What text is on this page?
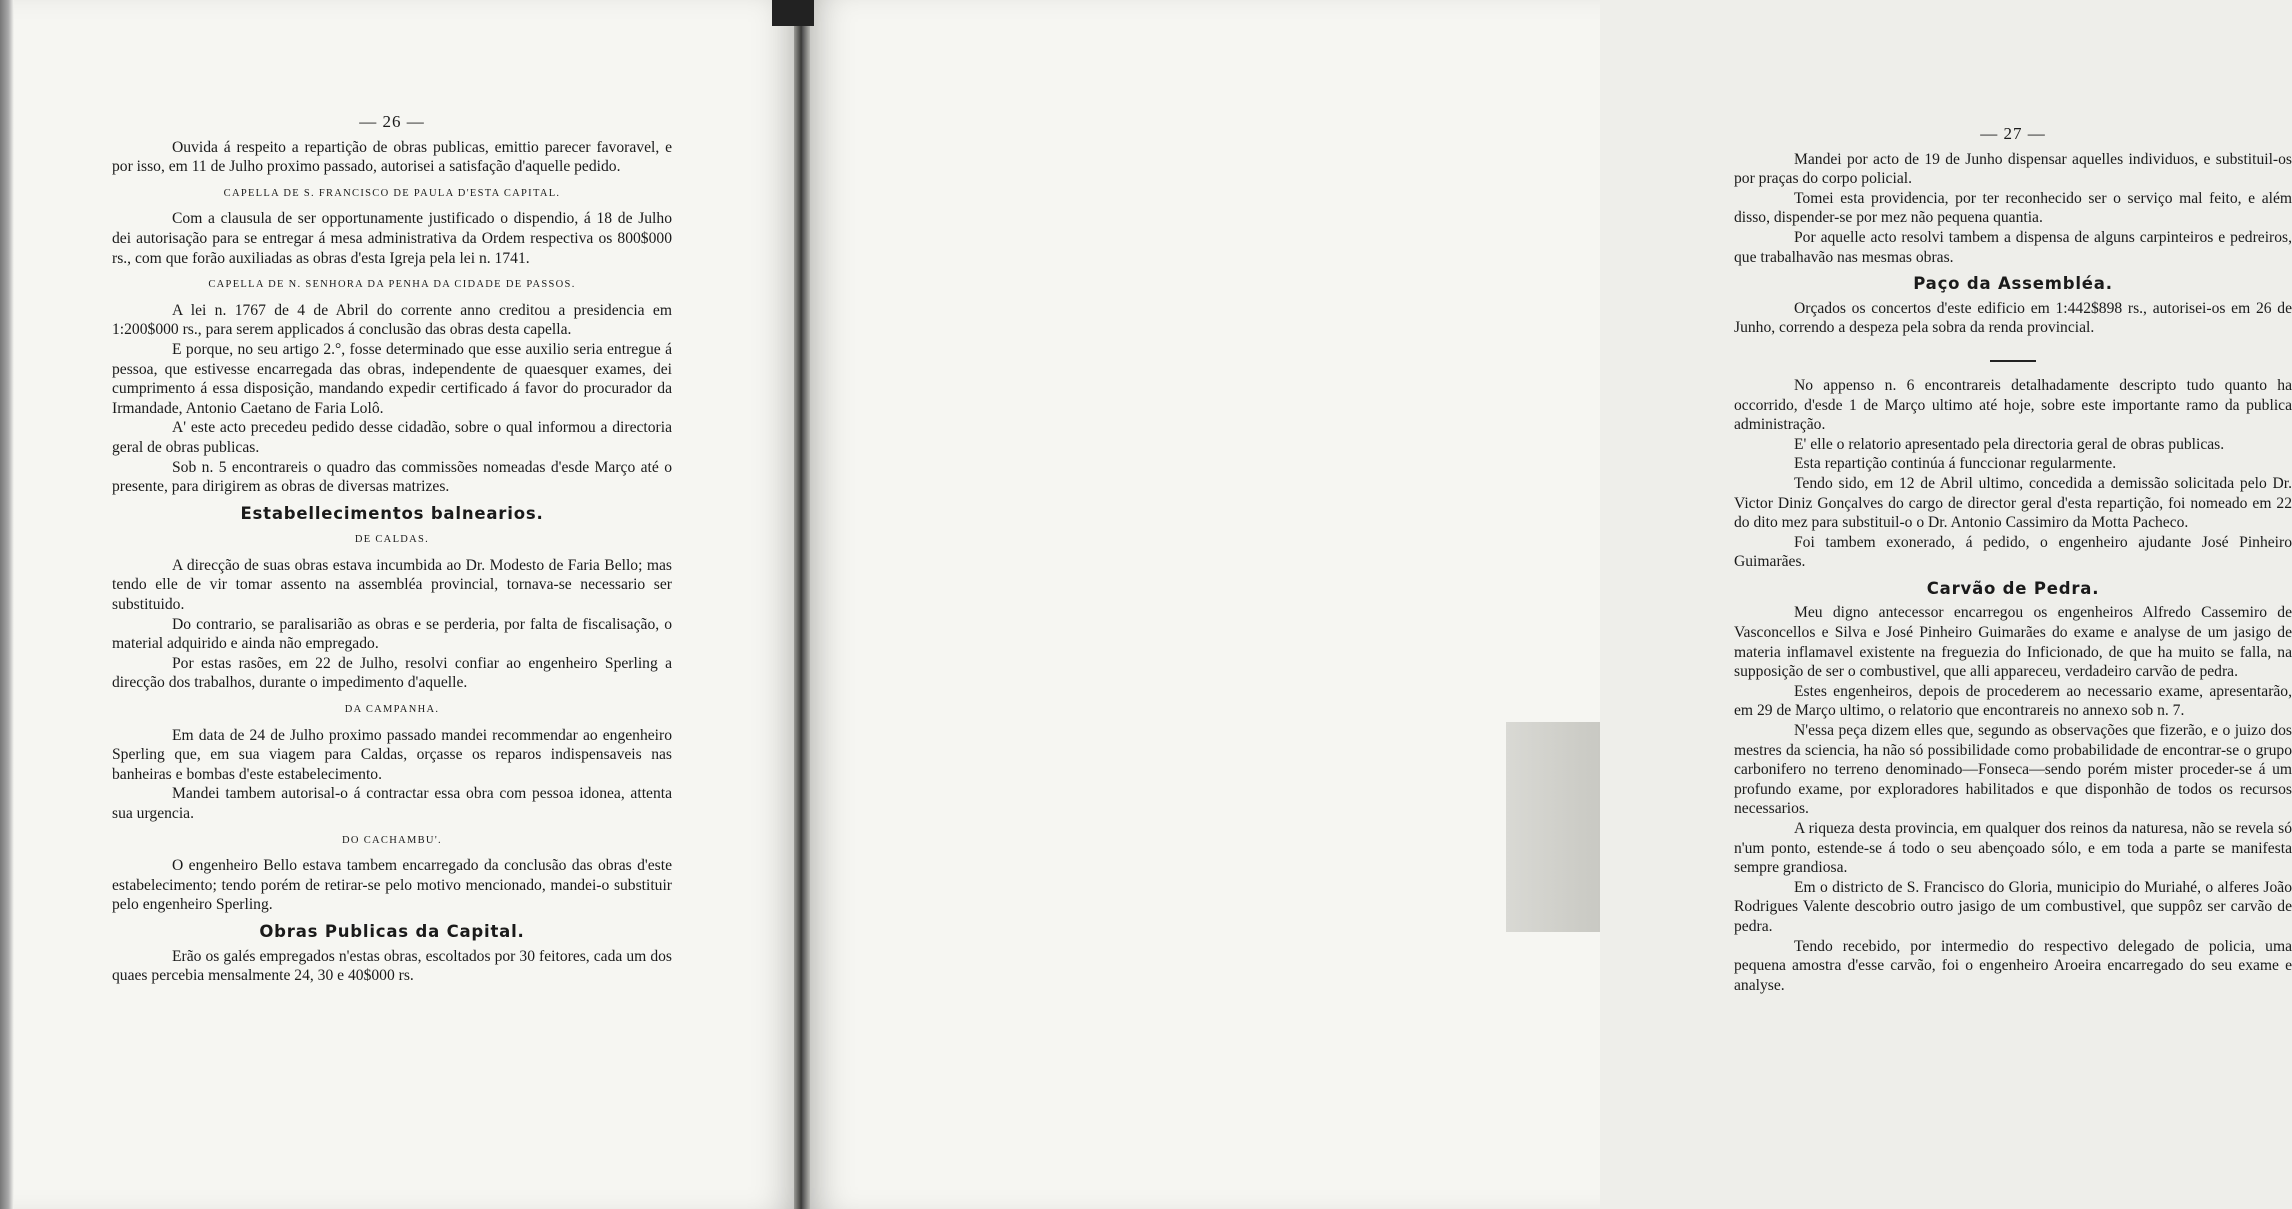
— 26 —

Ouvida á respeito a repartição de obras publicas, emittio parecer favoravel, e por isso, em 11 de Julho proximo passado, autorisei a satisfação d'aquelle pedido.

CAPELLA DE S. FRANCISCO DE PAULA D'ESTA CAPITAL.

Com a clausula de ser opportunamente justificado o dispendio, á 18 de Julho dei autorisação para se entregar á mesa administrativa da Ordem respectiva os 800$000 rs., com que forão auxiliadas as obras d'esta Igreja pela lei n. 1741.

CAPELLA DE N. SENHORA DA PENHA DA CIDADE DE PASSOS.

A lei n. 1767 de 4 de Abril do corrente anno creditou a presidencia em 1:200$000 rs., para serem applicados á conclusão das obras desta capella.

E porque, no seu artigo 2.°, fosse determinado que esse auxilio seria entregue á pessoa, que estivesse encarregada das obras, independente de quaesquer exames, dei cumprimento á essa disposição, mandando expedir certificado á favor do procurador da Irmandade, Antonio Caetano de Faria Lolô.

A' este acto precedeu pedido desse cidadão, sobre o qual informou a directoria geral de obras publicas.

Sob n. 5 encontrareis o quadro das commissões nomeadas d'esde Março até o presente, para dirigirem as obras de diversas matrizes.

Estabellecimentos balnearios.
DE CALDAS.

A direcção de suas obras estava incumbida ao Dr. Modesto de Faria Bello; mas tendo elle de vir tomar assento na assembléa provincial, tornava-se necessario ser substituido.

Do contrario, se paralisarião as obras e se perderia, por falta de fiscalisação, o material adquirido e ainda não empregado.

Por estas rasões, em 22 de Julho, resolvi confiar ao engenheiro Sperling a direcção dos trabalhos, durante o impedimento d'aquelle.

DA CAMPANHA.

Em data de 24 de Julho proximo passado mandei recommendar ao engenheiro Sperling que, em sua viagem para Caldas, orçasse os reparos indispensaveis nas banheiras e bombas d'este estabelecimento.

Mandei tambem autorisal-o á contractar essa obra com pessoa idonea, attenta sua urgencia.

DO CACHAMBU'.

O engenheiro Bello estava tambem encarregado da conclusão das obras d'este estabelecimento; tendo porém de retirar-se pelo motivo mencionado, mandei-o substituir pelo engenheiro Sperling.

Obras Publicas da Capital.

Erão os galés empregados n'estas obras, escoltados por 30 feitores, cada um dos quaes percebia mensalmente 24, 30 e 40$000 rs.

— 27 —

Mandei por acto de 19 de Junho dispensar aquelles individuos, e substituil-os por praças do corpo policial.

Tomei esta providencia, por ter reconhecido ser o serviço mal feito, e além disso, dispender-se por mez não pequena quantia.

Por aquelle acto resolvi tambem a dispensa de alguns carpinteiros e pedreiros, que trabalhavão nas mesmas obras.

Paço da Assembléa.

Orçados os concertos d'este edificio em 1:442$898 rs., autorisei-os em 26 de Junho, correndo a despeza pela sobra da renda provincial.

No appenso n. 6 encontrareis detalhadamente descripto tudo quanto ha occorrido, d'esde 1 de Março ultimo até hoje, sobre este importante ramo da publica administração.

E' elle o relatorio apresentado pela directoria geral de obras publicas.

Esta repartição continúa á funccionar regularmente.

Tendo sido, em 12 de Abril ultimo, concedida a demissão solicitada pelo Dr. Victor Diniz Gonçalves do cargo de director geral d'esta repartição, foi nomeado em 22 do dito mez para substituil-o o Dr. Antonio Cassimiro da Motta Pacheco.

Foi tambem exonerado, á pedido, o engenheiro ajudante José Pinheiro Guimarães.

Carvão de Pedra.

Meu digno antecessor encarregou os engenheiros Alfredo Cassemiro de Vasconcellos e Silva e José Pinheiro Guimarães do exame e analyse de um jasigo de materia inflamavel existente na freguezia do Inficionado, de que ha muito se falla, na supposição de ser o combustivel, que alli appareceu, verdadeiro carvão de pedra.

Estes engenheiros, depois de procederem ao necessario exame, apresentarão, em 29 de Março ultimo, o relatorio que encontrareis no annexo sob n. 7.

N'essa peça dizem elles que, segundo as observações que fizerão, e o juizo dos mestres da sciencia, ha não só possibilidade como probabilidade de encontrar-se o grupo carbonifero no terreno denominado—Fonseca—sendo porém mister proceder-se á um profundo exame, por exploradores habilitados e que disponhão de todos os recursos necessarios.

A riqueza desta provincia, em qualquer dos reinos da naturesa, não se revela só n'um ponto, estende-se á todo o seu abençoado sólo, e em toda a parte se manifesta sempre grandiosa.

Em o districto de S. Francisco do Gloria, municipio do Muriahé, o alferes João Rodrigues Valente descobrio outro jasigo de um combustivel, que suppôz ser carvão de pedra.

Tendo recebido, por intermedio do respectivo delegado de policia, uma pequena amostra d'esse carvão, foi o engenheiro Aroeira encarregado do seu exame e analyse.
